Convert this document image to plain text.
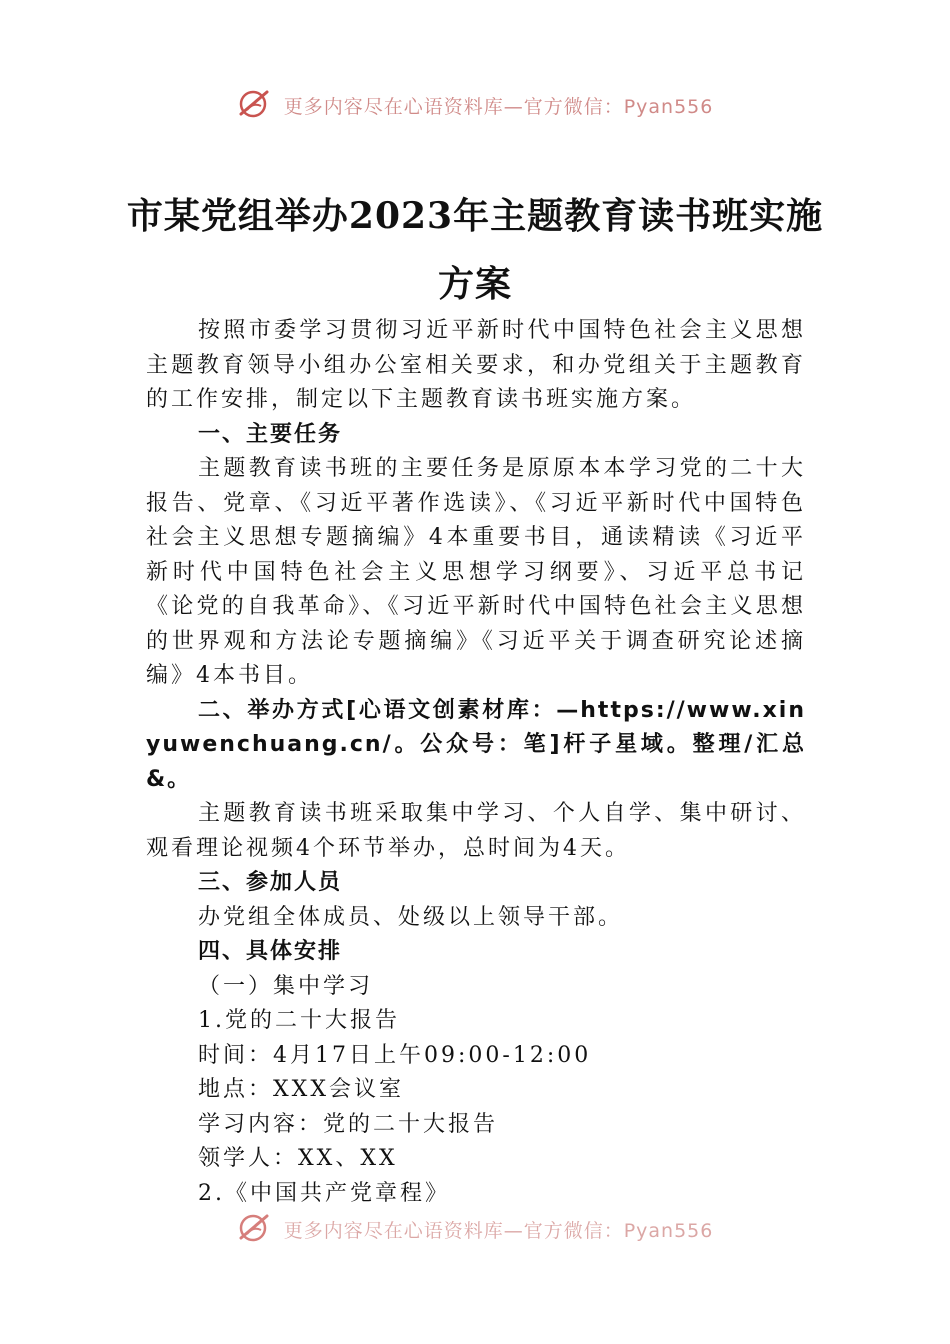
更多内容尽在心语资料库—官方微信：Pyan556
市某党组举办2023年主题教育读书班实施
方案

按照市委学习贯彻习近平新时代中国特色社会主义思想主题教育领导小组办公室相关要求，和办党组关于主题教育的工作安排，制定以下主题教育读书班实施方案。

一、主要任务

主题教育读书班的主要任务是原原本本学习党的二十大报告、党章、《习近平著作选读》、《习近平新时代中国特色社会主义思想专题摘编》4本重要书目，通读精读《习近平新时代中国特色社会主义思想学习纲要》、习近平总书记《论党的自我革命》、《习近平新时代中国特色社会主义思想的世界观和方法论专题摘编》《习近平关于调查研究论述摘编》4本书目。

二、举办方式[心语文创素材库：—https://www.xinyuwenchuang.cn/。公众号：笔]杆子星域。整理/汇总&。

主题教育读书班采取集中学习、个人自学、集中研讨、观看理论视频4个环节举办，总时间为4天。

三、参加人员

办党组全体成员、处级以上领导干部。

四、具体安排

（一）集中学习

1.党的二十大报告

时间：4月17日上午09:00-12:00

地点：XXX会议室

学习内容：党的二十大报告

领学人：XX、XX

2.《中国共产党章程》

更多内容尽在心语资料库—官方微信：Pyan556
